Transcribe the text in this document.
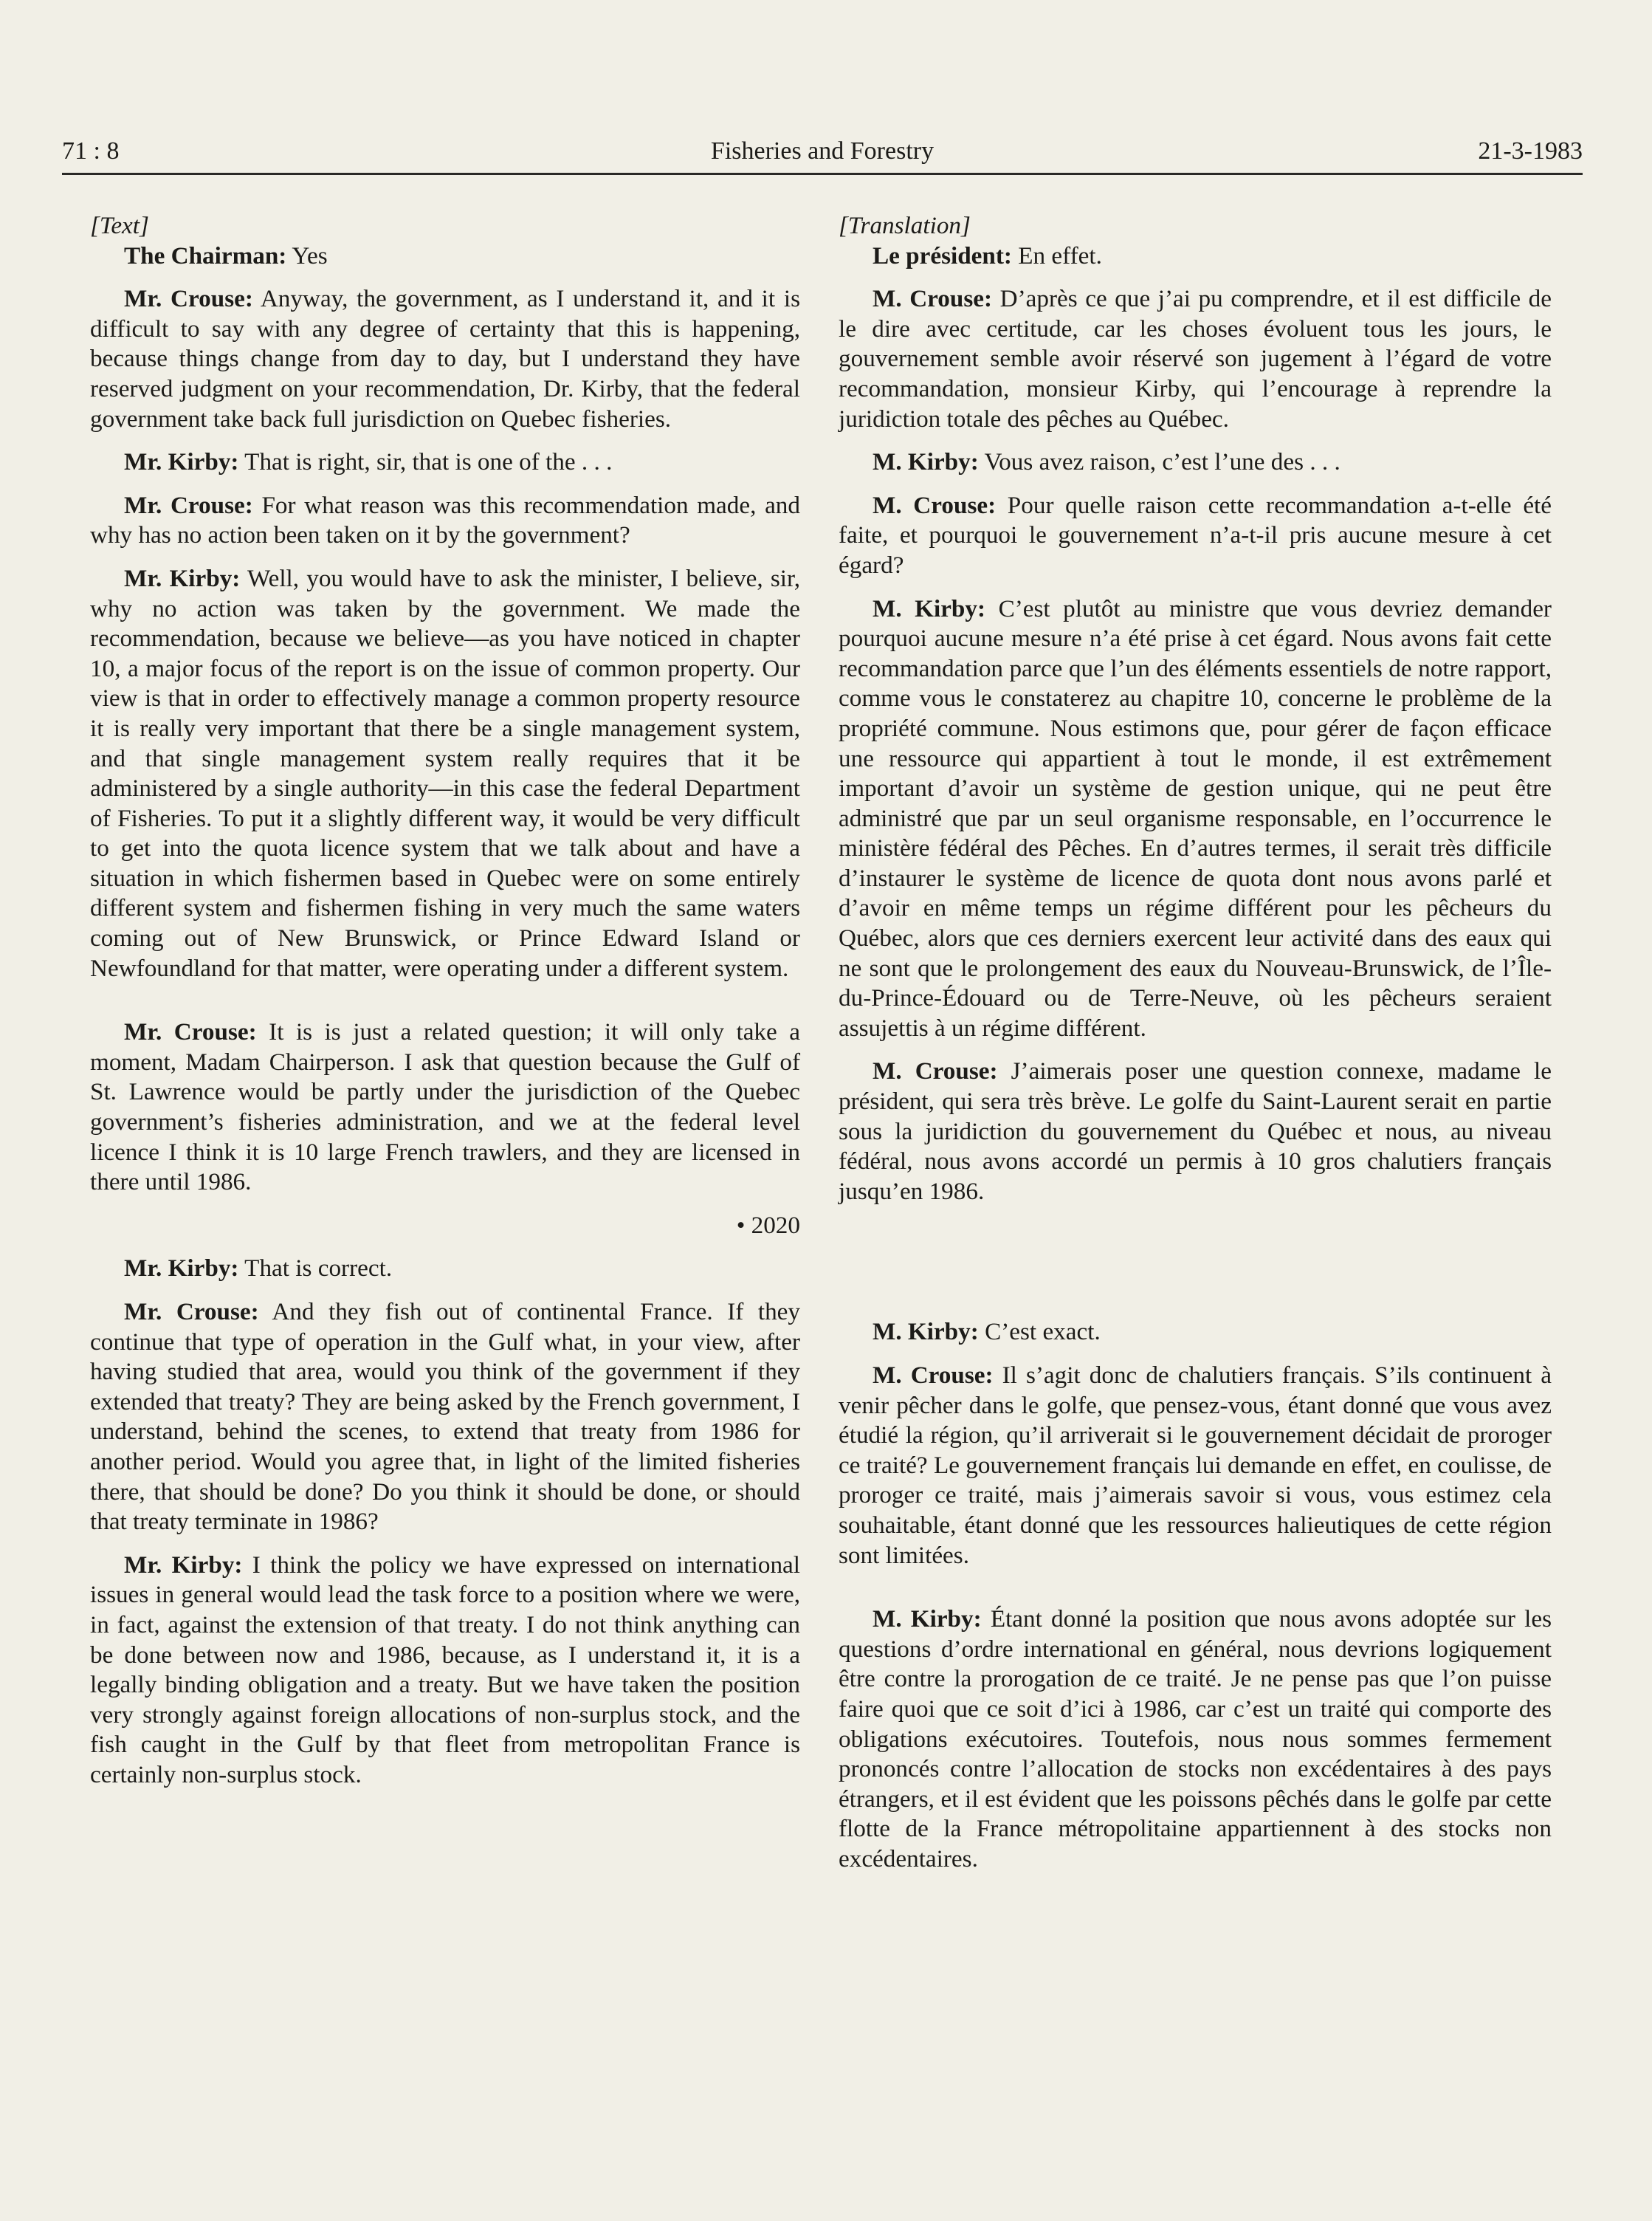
71 : 8	Fisheries and Forestry	21-3-1983

[Text]

The Chairman: Yes

Mr. Crouse: Anyway, the government, as I understand it, and it is difficult to say with any degree of certainty that this is happening, because things change from day to day, but I understand they have reserved judgment on your recommendation, Dr. Kirby, that the federal government take back full jurisdiction on Quebec fisheries.

Mr. Kirby: That is right, sir, that is one of the . . .

Mr. Crouse: For what reason was this recommendation made, and why has no action been taken on it by the government?

Mr. Kirby: Well, you would have to ask the minister, I believe, sir, why no action was taken by the government. We made the recommendation, because we believe—as you have noticed in chapter 10, a major focus of the report is on the issue of common property. Our view is that in order to effectively manage a common property resource it is really very important that there be a single management system, and that single management system really requires that it be administered by a single authority—in this case the federal Department of Fisheries. To put it a slightly different way, it would be very difficult to get into the quota licence system that we talk about and have a situation in which fishermen based in Quebec were on some entirely different system and fishermen fishing in very much the same waters coming out of New Brunswick, or Prince Edward Island or Newfoundland for that matter, were operating under a different system.

Mr. Crouse: It is is just a related question; it will only take a moment, Madam Chairperson. I ask that question because the Gulf of St. Lawrence would be partly under the jurisdiction of the Quebec government’s fisheries administration, and we at the federal level licence I think it is 10 large French trawlers, and they are licensed in there until 1986.

• 2020

Mr. Kirby: That is correct.

Mr. Crouse: And they fish out of continental France. If they continue that type of operation in the Gulf what, in your view, after having studied that area, would you think of the government if they extended that treaty? They are being asked by the French government, I understand, behind the scenes, to extend that treaty from 1986 for another period. Would you agree that, in light of the limited fisheries there, that should be done? Do you think it should be done, or should that treaty terminate in 1986?

Mr. Kirby: I think the policy we have expressed on international issues in general would lead the task force to a position where we were, in fact, against the extension of that treaty. I do not think anything can be done between now and 1986, because, as I understand it, it is a legally binding obligation and a treaty. But we have taken the position very strongly against foreign allocations of non-surplus stock, and the fish caught in the Gulf by that fleet from metropolitan France is certainly non-surplus stock.

[Translation]

Le président: En effet.

M. Crouse: D’après ce que j’ai pu comprendre, et il est difficile de le dire avec certitude, car les choses évoluent tous les jours, le gouvernement semble avoir réservé son jugement à l’égard de votre recommandation, monsieur Kirby, qui l’encourage à reprendre la juridiction totale des pêches au Québec.

M. Kirby: Vous avez raison, c’est l’une des . . .

M. Crouse: Pour quelle raison cette recommandation a-t-elle été faite, et pourquoi le gouvernement n’a-t-il pris aucune mesure à cet égard?

M. Kirby: C’est plutôt au ministre que vous devriez demander pourquoi aucune mesure n’a été prise à cet égard. Nous avons fait cette recommandation parce que l’un des éléments essentiels de notre rapport, comme vous le constaterez au chapitre 10, concerne le problème de la propriété commune. Nous estimons que, pour gérer de façon efficace une ressource qui appartient à tout le monde, il est extrêmement important d’avoir un système de gestion unique, qui ne peut être administré que par un seul organisme responsable, en l’occurrence le ministère fédéral des Pêches. En d’autres termes, il serait très difficile d’instaurer le système de licence de quota dont nous avons parlé et d’avoir en même temps un régime différent pour les pêcheurs du Québec, alors que ces derniers exercent leur activité dans des eaux qui ne sont que le prolongement des eaux du Nouveau-Brunswick, de l’Île-du-Prince-Édouard ou de Terre-Neuve, où les pêcheurs seraient assujettis à un régime différent.

M. Crouse: J’aimerais poser une question connexe, madame le président, qui sera très brève. Le golfe du Saint-Laurent serait en partie sous la juridiction du gouvernement du Québec et nous, au niveau fédéral, nous avons accordé un permis à 10 gros chalutiers français jusqu’en 1986.

M. Kirby: C’est exact.

M. Crouse: Il s’agit donc de chalutiers français. S’ils continuent à venir pêcher dans le golfe, que pensez-vous, étant donné que vous avez étudié la région, qu’il arriverait si le gouvernement décidait de proroger ce traité? Le gouvernement français lui demande en effet, en coulisse, de proroger ce traité, mais j’aimerais savoir si vous, vous estimez cela souhaitable, étant donné que les ressources halieutiques de cette région sont limitées.

M. Kirby: Étant donné la position que nous avons adoptée sur les questions d’ordre international en général, nous devrions logiquement être contre la prorogation de ce traité. Je ne pense pas que l’on puisse faire quoi que ce soit d’ici à 1986, car c’est un traité qui comporte des obligations exécutoires. Toutefois, nous nous sommes fermement prononcés contre l’allocation de stocks non excédentaires à des pays étrangers, et il est évident que les poissons pêchés dans le golfe par cette flotte de la France métropolitaine appartiennent à des stocks non excédentaires.
